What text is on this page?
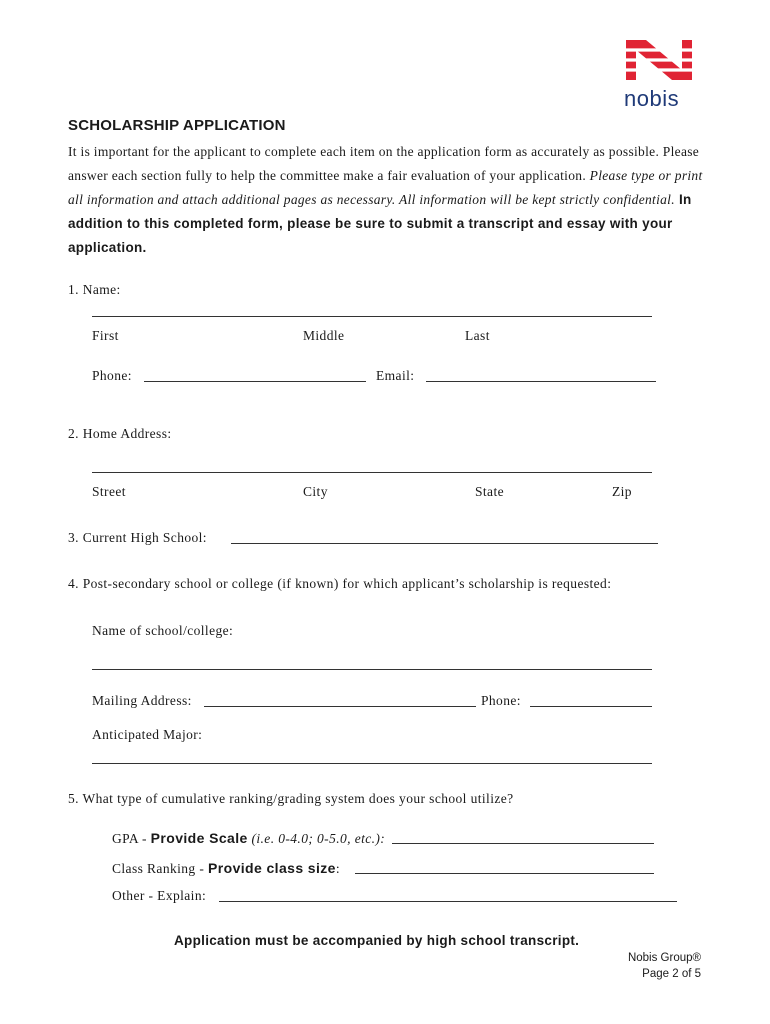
nobis
SCHOLARSHIP APPLICATION
It is important for the applicant to complete each item on the application form as accurately as possible. Please answer each section fully to help the committee make a fair evaluation of your application. Please type or print all information and attach additional pages as necessary. All information will be kept strictly confidential. In addition to this completed form, please be sure to submit a transcript and essay with your application.
1. Name:
First	Middle	Last
Phone:	Email:
2. Home Address:
Street	City	State	Zip
3. Current High School:
4. Post-secondary school or college (if known) for which applicant’s scholarship is requested:
Name of school/college:
Mailing Address:	Phone:
Anticipated Major:
5. What type of cumulative ranking/grading system does your school utilize?
GPA - Provide Scale (i.e. 0-4.0; 0-5.0, etc.):
Class Ranking - Provide class size:
Other - Explain:
Application must be accompanied by high school transcript.
Nobis Group®
Page 2 of 5
